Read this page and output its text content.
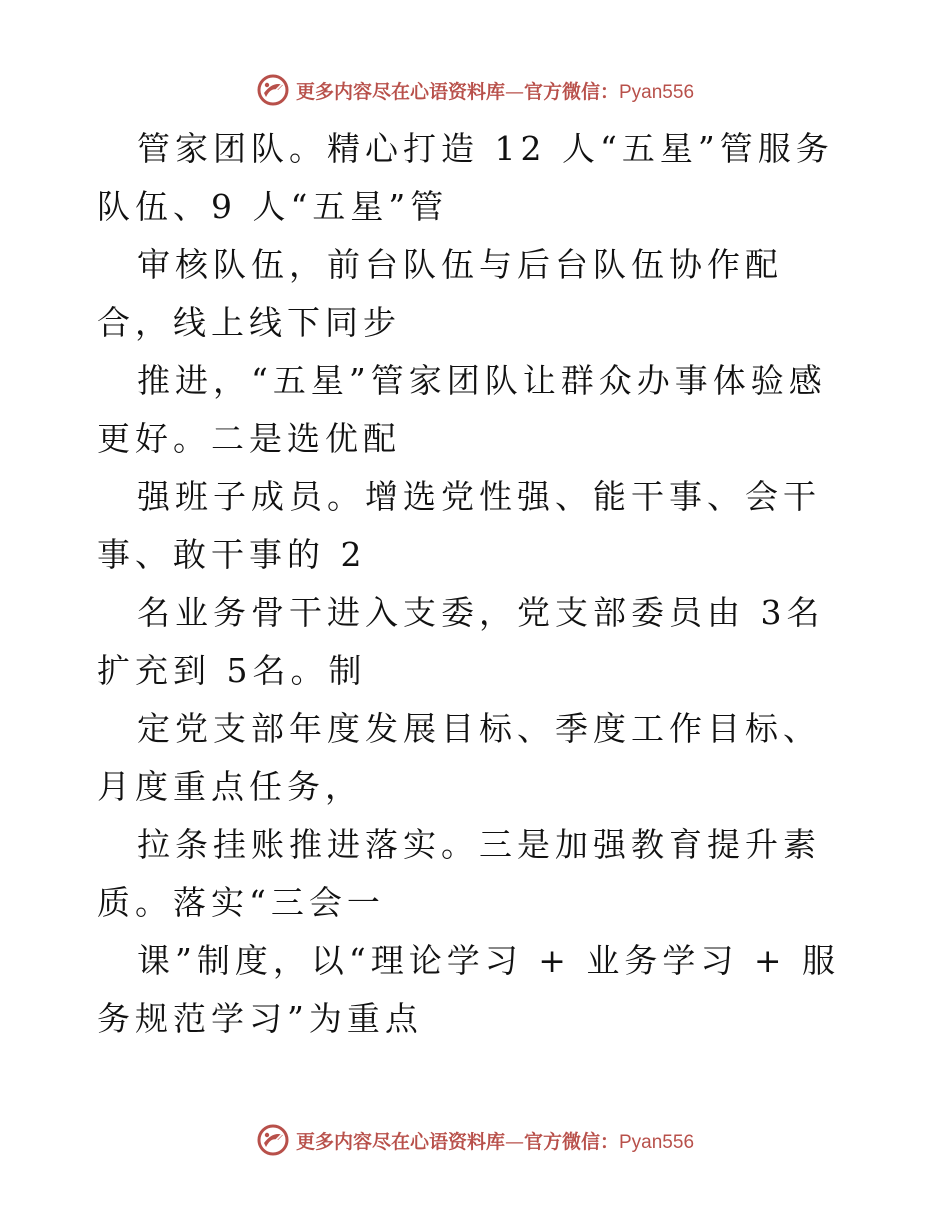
更多内容尽在心语资料库—官方微信：Pyan556

管家团队。精心打造 12 人“五星”管服务队伍、9 人“五星”管

审核队伍，前台队伍与后台队伍协作配合，线上线下同步

推进，“五星”管家团队让群众办事体验感更好。二是选优配

强班子成员。增选党性强、能干事、会干事、敢干事的 2

名业务骨干进入支委，党支部委员由 3名扩充到 5名。制

定党支部年度发展目标、季度工作目标、月度重点任务，

拉条挂账推进落实。三是加强教育提升素质。落实“三会一

课”制度，以“理论学习 + 业务学习 + 服务规范学习”为重点

更多内容尽在心语资料库—官方微信：Pyan556
